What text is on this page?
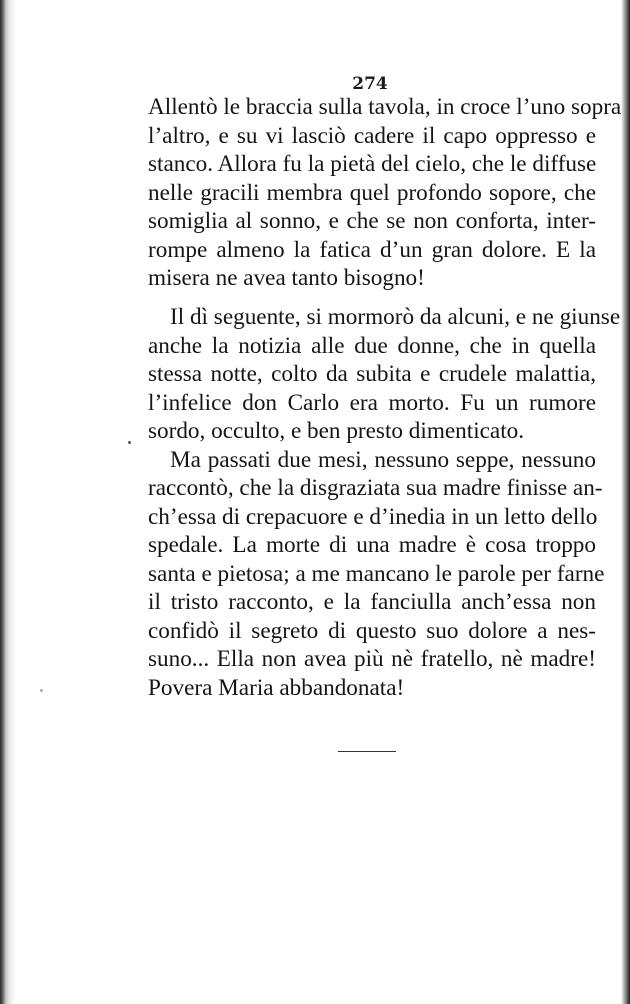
274
Allentò le braccia sulla tavola, in croce l’uno sopra
l’altro, e su vi lasciò cadere il capo oppresso e
stanco. Allora fu la pietà del cielo, che le diffuse
nelle gracili membra quel profondo sopore, che
somiglia al sonno, e che se non conforta, inter-
rompe almeno la fatica d’un gran dolore. E la
misera ne avea tanto bisogno!
Il dì seguente, si mormorò da alcuni, e ne giunse
anche la notizia alle due donne, che in quella
stessa notte, colto da subita e crudele malattia,
l’infelice don Carlo era morto. Fu un rumore
sordo, occulto, e ben presto dimenticato.
Ma passati due mesi, nessuno seppe, nessuno
raccontò, che la disgraziata sua madre finisse an-
ch’essa di crepacuore e d’inedia in un letto dello
spedale. La morte di una madre è cosa troppo
santa e pietosa; a me mancano le parole per farne
il tristo racconto, e la fanciulla anch’essa non
confidò il segreto di questo suo dolore a nes-
suno... Ella non avea più nè fratello, nè madre!
Povera Maria abbandonata!
